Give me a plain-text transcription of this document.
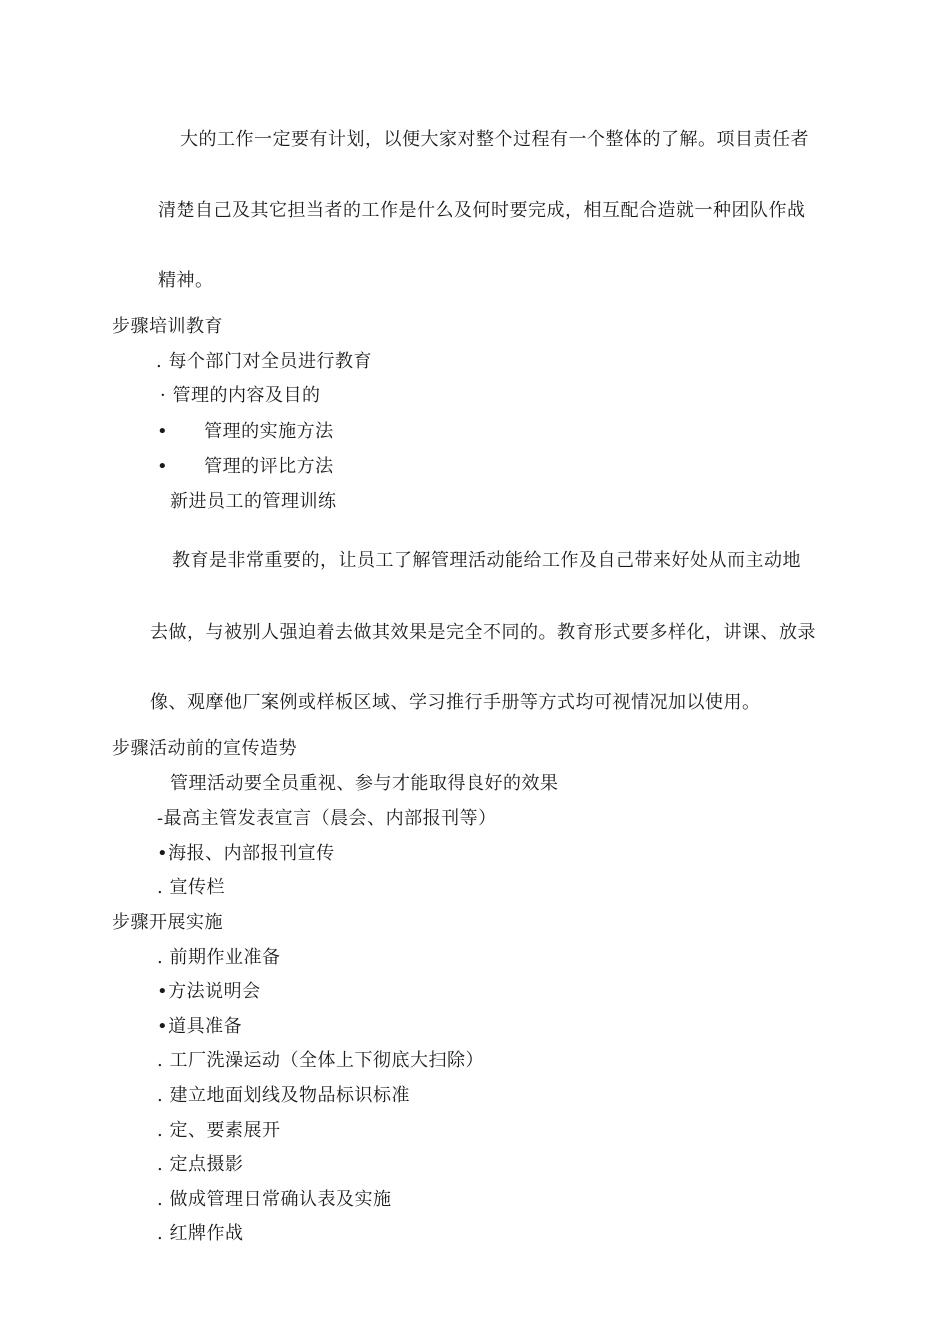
大的工作一定要有计划，以便大家对整个过程有一个整体的了解。项目责任者
清楚自己及其它担当者的工作是什么及何时要完成，相互配合造就一种团队作战
精神。
步骤培训教育
. 每个部门对全员进行教育
· 管理的内容及目的
• 管理的实施方法
• 管理的评比方法
新进员工的管理训练
教育是非常重要的，让员工了解管理活动能给工作及自己带来好处从而主动地
去做，与被别人强迫着去做其效果是完全不同的。教育形式要多样化，讲课、放录
像、观摩他厂案例或样板区域、学习推行手册等方式均可视情况加以使用。
步骤活动前的宣传造势
管理活动要全员重视、参与才能取得良好的效果
-最高主管发表宣言（晨会、内部报刊等）
•海报、内部报刊宣传
. 宣传栏
步骤开展实施
. 前期作业准备
•方法说明会
•道具准备
. 工厂洗澡运动（全体上下彻底大扫除）
. 建立地面划线及物品标识标准
. 定、要素展开
. 定点摄影
. 做成管理日常确认表及实施
. 红牌作战
